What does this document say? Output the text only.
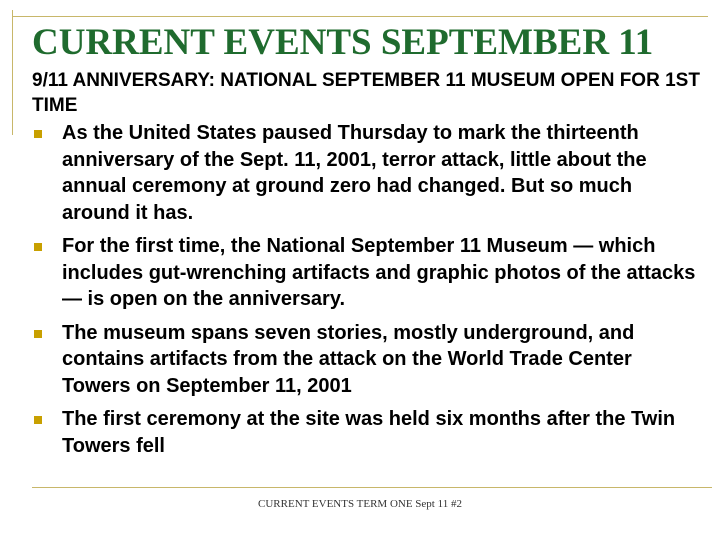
CURRENT EVENTS SEPTEMBER 11
9/11 ANNIVERSARY: NATIONAL SEPTEMBER 11 MUSEUM OPEN FOR 1ST TIME
As the United States paused Thursday to mark the thirteenth anniversary of the Sept. 11, 2001, terror attack, little about the annual ceremony at ground zero had changed. But so much around it has.
For the first time, the National September 11 Museum — which includes gut-wrenching artifacts and graphic photos of the attacks — is open on the anniversary.
The museum spans seven stories, mostly underground, and contains artifacts from the attack on the World Trade Center Towers on September 11, 2001
The first ceremony at the site was held six months after the Twin Towers fell
CURRENT EVENTS TERM ONE Sept 11 #2
